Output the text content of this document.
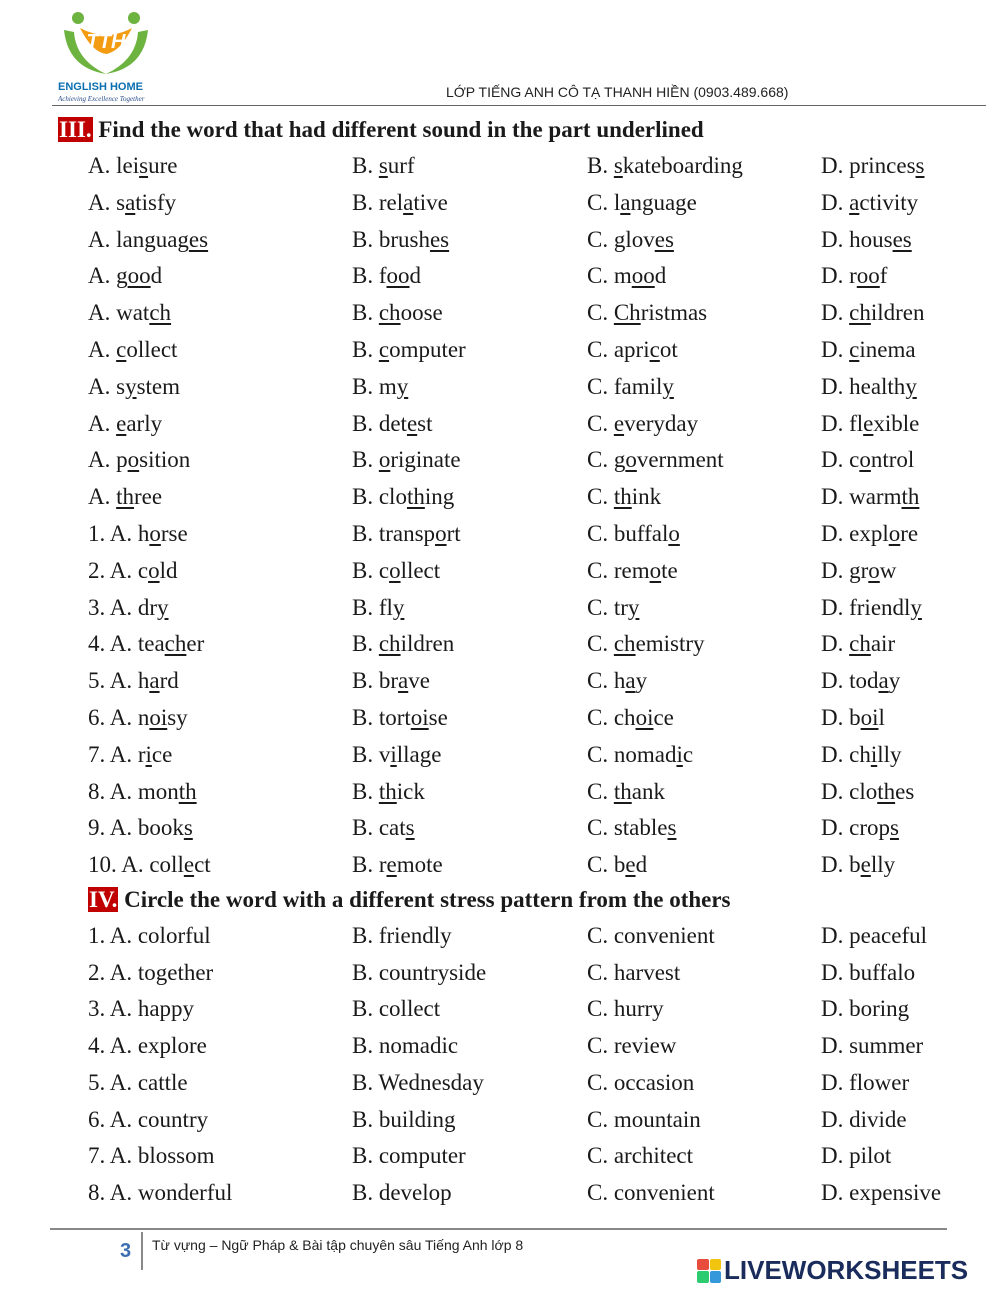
TTH
ENGLISH HOME
Achieving Excellence Together	LỚP TIẾNG ANH CÔ TẠ THANH HIỀN (0903.489.668)
III. Find the word that had different sound in the part underlined
A. leisure	B. surf	B. skateboarding	D. princess
A. satisfy	B. relative	C. language	D. activity
A. languages	B. brushes	C. gloves	D. houses
A. good	B. food	C. mood	D. roof
A. watch	B. choose	C. Christmas	D. children
A. collect	B. computer	C. apricot	D. cinema
A. system	B. my	C. family	D. healthy
A. early	B. detest	C. everyday	D. flexible
A. position	B. originate	C. government	D. control
A. three	B. clothing	C. think	D. warmth
1. A. horse	B. transport	C. buffalo	D. explore
2. A. cold	B. collect	C. remote	D. grow
3. A. dry	B. fly	C. try	D. friendly
4. A. teacher	B. children	C. chemistry	D. chair
5. A. hard	B. brave	C. hay	D. today
6. A. noisy	B. tortoise	C. choice	D. boil
7. A. rice	B. village	C. nomadic	D. chilly
8. A. month	B. thick	C. thank	D. clothes
9. A. books	B. cats	C. stables	D. crops
10. A. collect	B. remote	C. bed	D. belly
IV. Circle the word with a different stress pattern from the others
1. A. colorful	B. friendly	C. convenient	D. peaceful
2. A. together	B. countryside	C. harvest	D. buffalo
3. A. happy	B. collect	C. hurry	D. boring
4. A. explore	B. nomadic	C. review	D. summer
5. A. cattle	B. Wednesday	C. occasion	D. flower
6. A. country	B. building	C. mountain	D. divide
7. A. blossom	B. computer	C. architect	D. pilot
8. A. wonderful	B. develop	C. convenient	D. expensive
3 Từ vựng – Ngữ Pháp & Bài tập chuyên sâu Tiếng Anh lớp 8
LIVEWORKSHEETS
